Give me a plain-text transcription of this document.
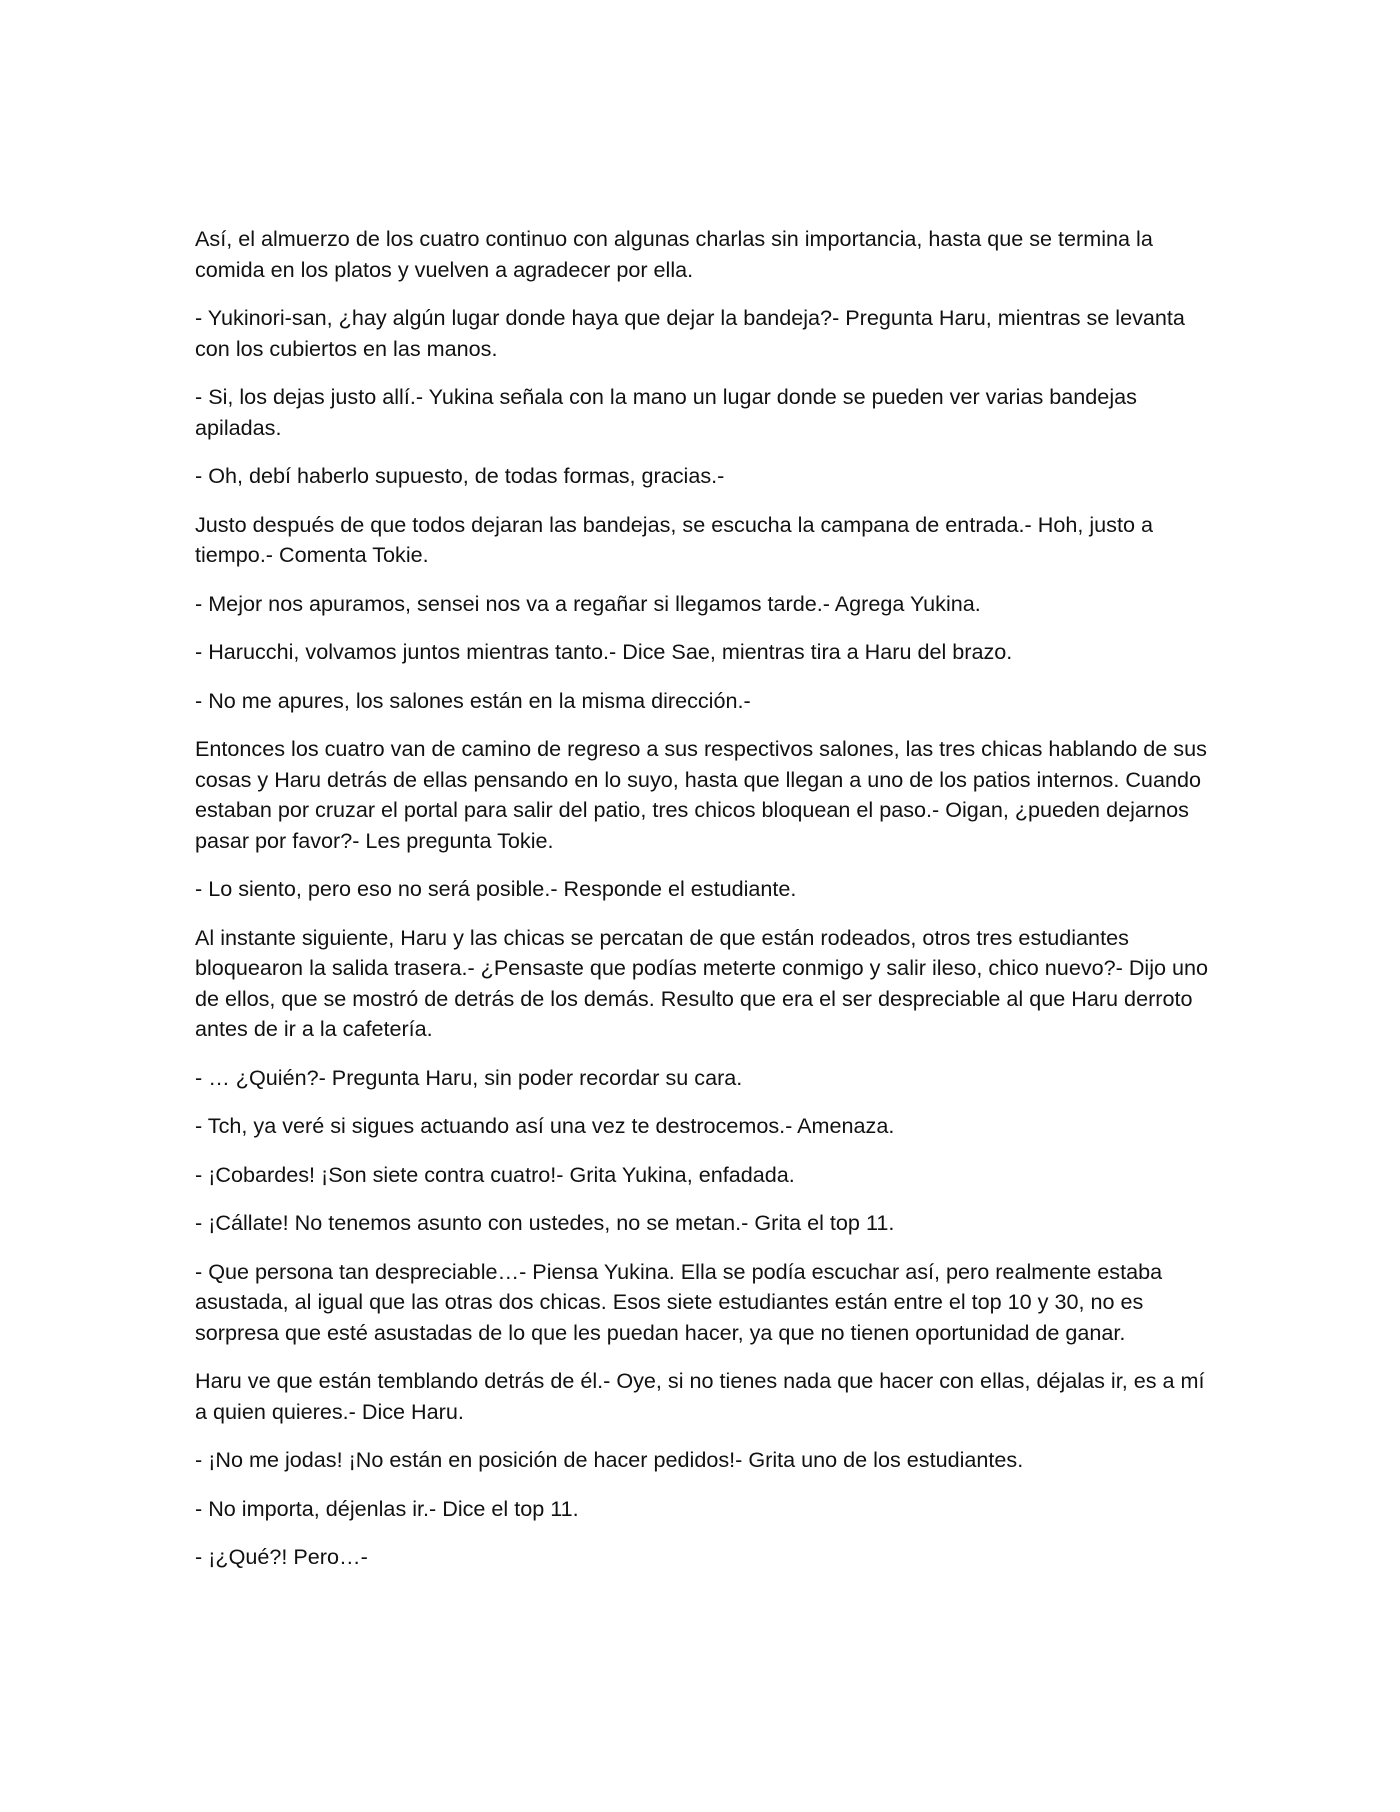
Así, el almuerzo de los cuatro continuo con algunas charlas sin importancia, hasta que se termina la comida en los platos y vuelven a agradecer por ella.

- Yukinori-san, ¿hay algún lugar donde haya que dejar la bandeja?- Pregunta Haru, mientras se levanta con los cubiertos en las manos.

- Si, los dejas justo allí.- Yukina señala con la mano un lugar donde se pueden ver varias bandejas apiladas.

- Oh, debí haberlo supuesto, de todas formas, gracias.-

Justo después de que todos dejaran las bandejas, se escucha la campana de entrada.- Hoh, justo a tiempo.- Comenta Tokie.

- Mejor nos apuramos, sensei nos va a regañar si llegamos tarde.- Agrega Yukina.

- Harucchi, volvamos juntos mientras tanto.- Dice Sae, mientras tira a Haru del brazo.

- No me apures, los salones están en la misma dirección.-

Entonces los cuatro van de camino de regreso a sus respectivos salones, las tres chicas hablando de sus cosas y Haru detrás de ellas pensando en lo suyo, hasta que llegan a uno de los patios internos. Cuando estaban por cruzar el portal para salir del patio, tres chicos bloquean el paso.- Oigan, ¿pueden dejarnos pasar por favor?- Les pregunta Tokie.

- Lo siento, pero eso no será posible.- Responde el estudiante.

Al instante siguiente, Haru y las chicas se percatan de que están rodeados, otros tres estudiantes bloquearon la salida trasera.- ¿Pensaste que podías meterte conmigo y salir ileso, chico nuevo?- Dijo uno de ellos, que se mostró de detrás de los demás. Resulto que era el ser despreciable al que Haru derroto antes de ir a la cafetería.

- … ¿Quién?- Pregunta Haru, sin poder recordar su cara.

- Tch, ya veré si sigues actuando así una vez te destrocemos.- Amenaza.

- ¡Cobardes! ¡Son siete contra cuatro!- Grita Yukina, enfadada.

- ¡Cállate! No tenemos asunto con ustedes, no se metan.- Grita el top 11.

- Que persona tan despreciable…- Piensa Yukina. Ella se podía escuchar así, pero realmente estaba asustada, al igual que las otras dos chicas. Esos siete estudiantes están entre el top 10 y 30, no es sorpresa que esté asustadas de lo que les puedan hacer, ya que no tienen oportunidad de ganar.

Haru ve que están temblando detrás de él.- Oye, si no tienes nada que hacer con ellas, déjalas ir, es a mí a quien quieres.- Dice Haru.

- ¡No me jodas! ¡No están en posición de hacer pedidos!- Grita uno de los estudiantes.

- No importa, déjenlas ir.- Dice el top 11.

- ¡¿Qué?! Pero…-
